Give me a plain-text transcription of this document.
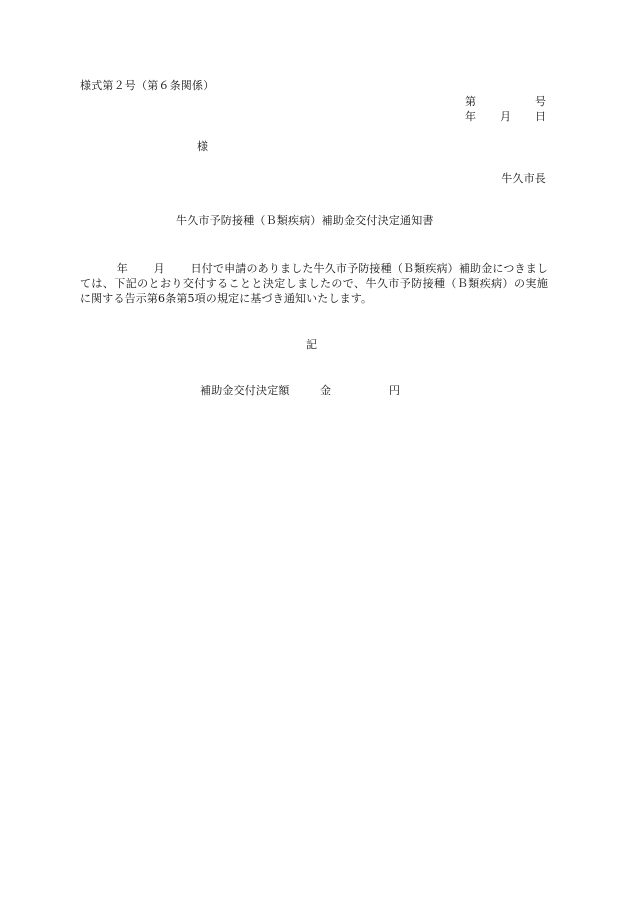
様式第２号（第６条関係）
第	号
年 月 日
様
牛久市長
牛久市予防接種（Ｂ類疾病）補助金交付決定通知書
年 月 日付で申請のありました牛久市予防接種（Ｂ類疾病）補助金につきましては、下記のとおり交付することと決定しましたので、牛久市予防接種（Ｂ類疾病）の実施に関する告示第6条第5項の規定に基づき通知いたします。
記
補助金交付決定額	金	円
